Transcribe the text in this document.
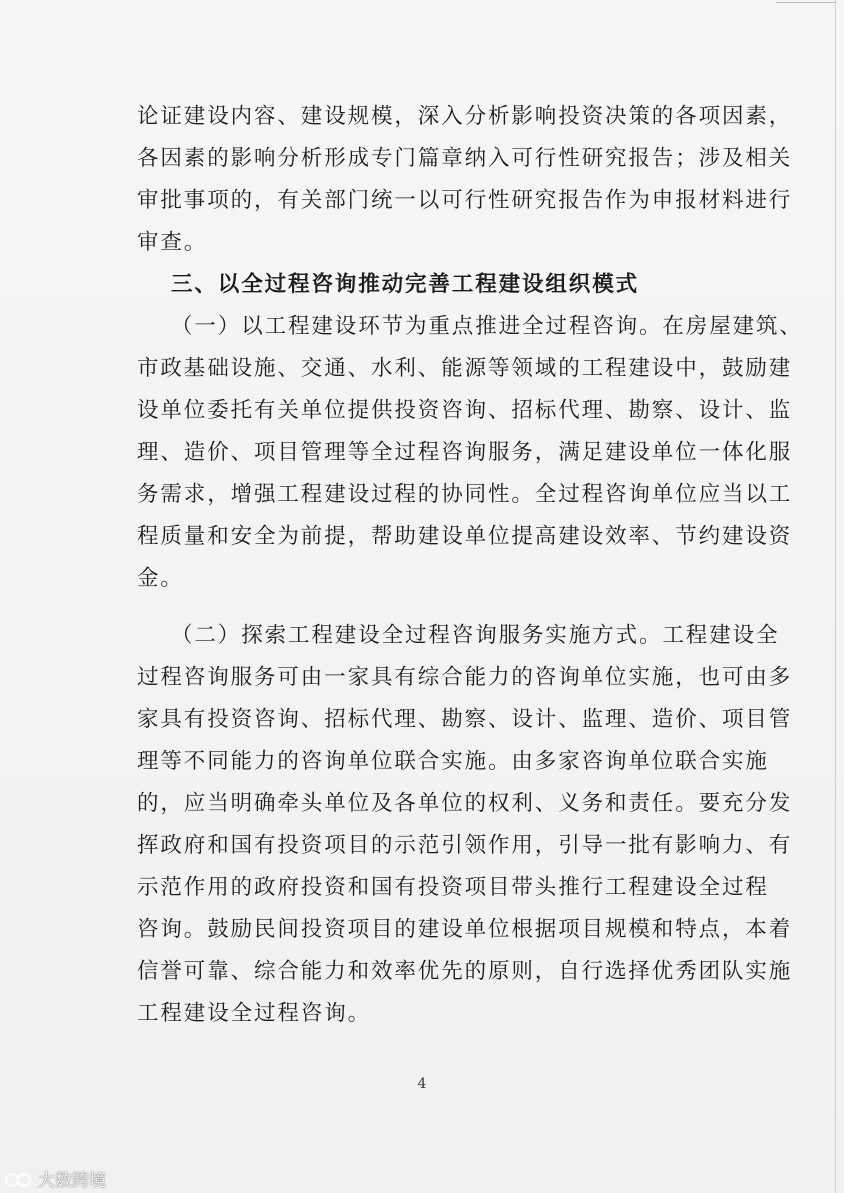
论证建设内容、建设规模，深入分析影响投资决策的各项因素，
各因素的影响分析形成专门篇章纳入可行性研究报告；涉及相关
审批事项的，有关部门统一以可行性研究报告作为申报材料进行
审查。
三、以全过程咨询推动完善工程建设组织模式
（一）以工程建设环节为重点推进全过程咨询。在房屋建筑、
市政基础设施、交通、水利、能源等领域的工程建设中，鼓励建
设单位委托有关单位提供投资咨询、招标代理、勘察、设计、监
理、造价、项目管理等全过程咨询服务，满足建设单位一体化服
务需求，增强工程建设过程的协同性。全过程咨询单位应当以工
程质量和安全为前提，帮助建设单位提高建设效率、节约建设资
金。
（二）探索工程建设全过程咨询服务实施方式。工程建设全
过程咨询服务可由一家具有综合能力的咨询单位实施，也可由多
家具有投资咨询、招标代理、勘察、设计、监理、造价、项目管
理等不同能力的咨询单位联合实施。由多家咨询单位联合实施
的，应当明确牵头单位及各单位的权利、义务和责任。要充分发
挥政府和国有投资项目的示范引领作用，引导一批有影响力、有
示范作用的政府投资和国有投资项目带头推行工程建设全过程
咨询。鼓励民间投资项目的建设单位根据项目规模和特点，本着
信誉可靠、综合能力和效率优先的原则，自行选择优秀团队实施
工程建设全过程咨询。
4
大数跨境
